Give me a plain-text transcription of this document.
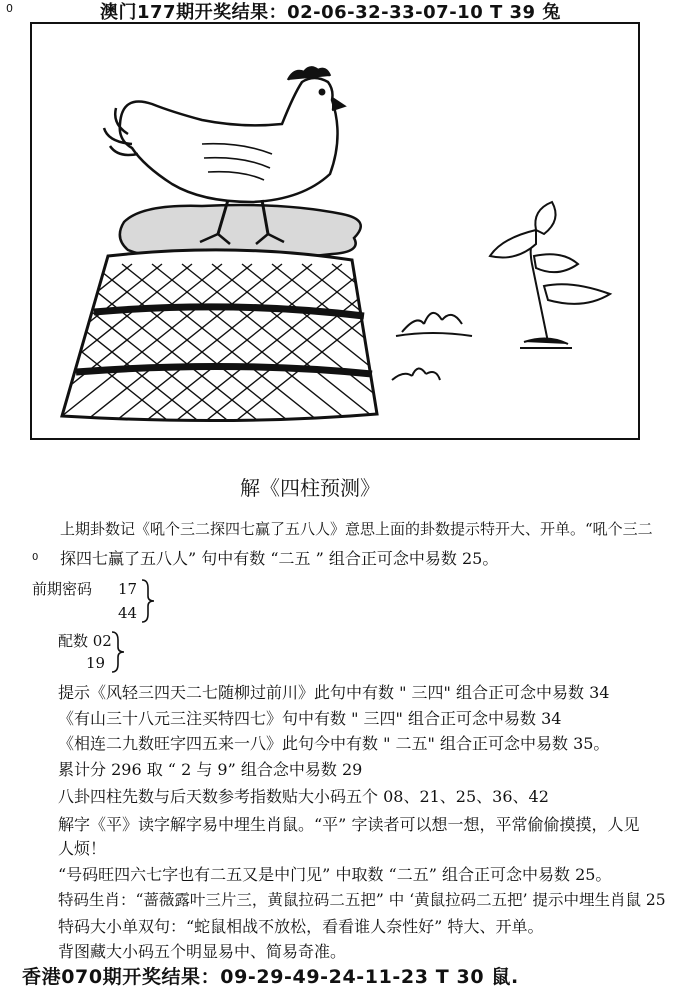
0	澳门177期开奖结果：02-06-32-33-07-10 T 39 兔
解《四柱预测》
上期卦数记《吼个三二探四七赢了五八人》意思上面的卦数提示特开大、开单。“吼个三二
0 探四七赢了五八人” 句中有数 “二五 ” 组合正可念中易数 25。
前期密码 17
44
配数 02
19
提示《风轻三四天二七随柳过前川》此句中有数 " 三四" 组合正可念中易数 34
《有山三十八元三注买特四七》句中有数 " 三四" 组合正可念中易数 34
《相连二九数旺字四五来一八》此句今中有数 " 二五" 组合正可念中易数 35。
累计分 296 取 “ 2 与 9” 组合念中易数 29
八卦四柱先数与后天数参考指数贴大小码五个 08、21、25、36、42
解字《平》读字解字易中埋生肖鼠。“平” 字读者可以想一想，平常偷偷摸摸，人见
人烦！
“号码旺四六七字也有二五又是中门见” 中取数 “二五” 组合正可念中易数 25。
特码生肖：“蔷薇露叶三片三，黄鼠拉码二五把” 中 ‘黄鼠拉码二五把’ 提示中埋生肖鼠 25
特码大小单双句：“蛇鼠相战不放松，看看谁人奈性好” 特大、开单。
背图藏大小码五个明显易中、简易奇准。
香港070期开奖结果：09-29-49-24-11-23 T 30 鼠.
